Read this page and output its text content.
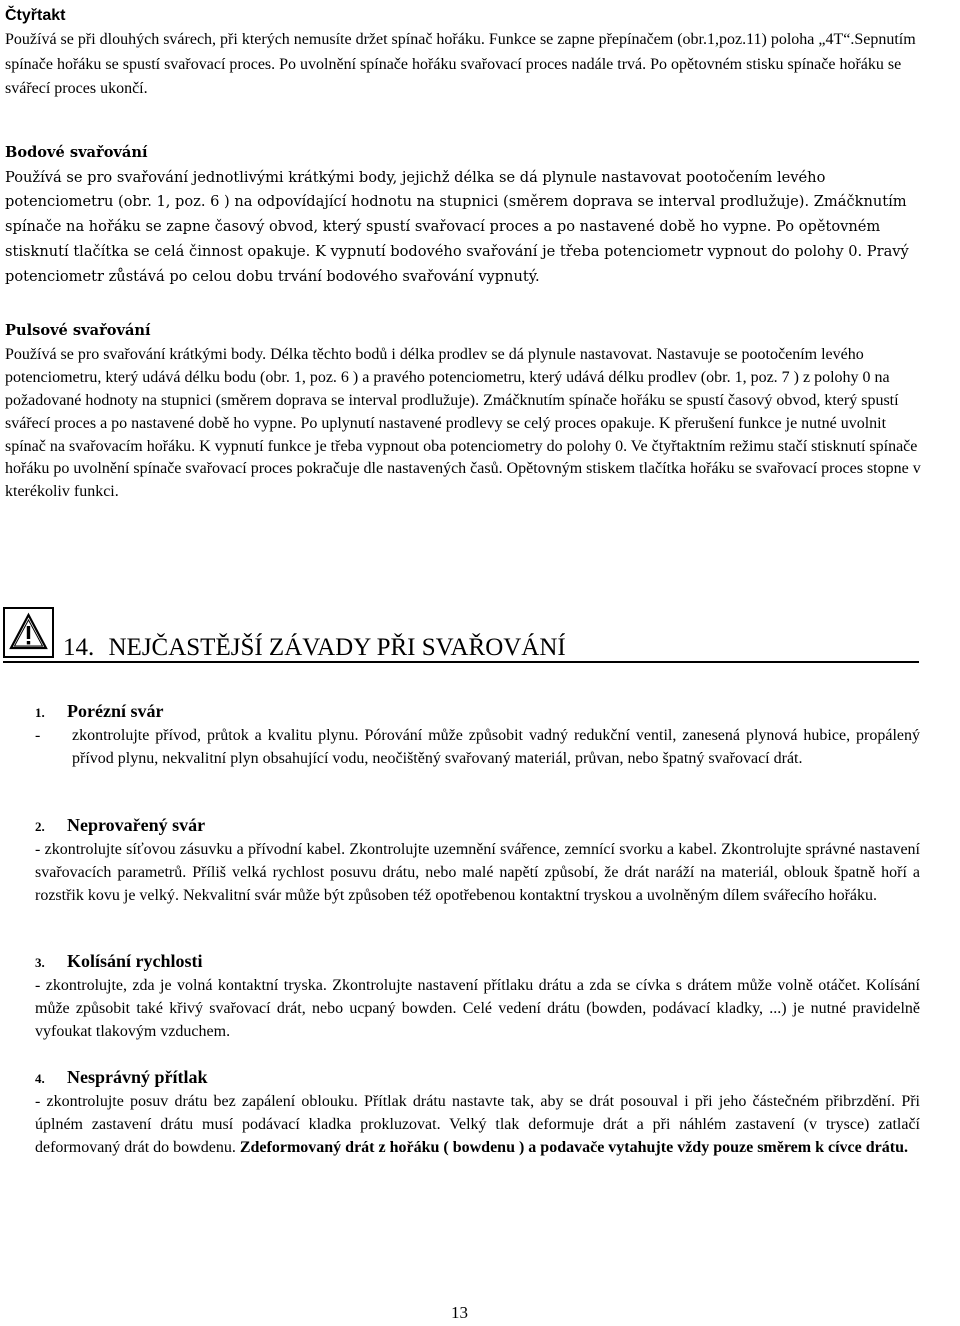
Čtyřtakt

Používá se při dlouhých svárech, při kterých nemusíte držet spínač hořáku. Funkce se zapne přepínačem (obr.1,poz.11) poloha „4T“.Sepnutím spínače hořáku se spustí svařovací proces. Po uvolnění spínače hořáku svařovací proces nadále trvá. Po opětovném stisku spínače hořáku se svářecí proces ukončí.

Bodové svařování

Používá se pro svařování jednotlivými krátkými body, jejichž délka se dá plynule nastavovat pootočením levého potenciometru (obr. 1, poz. 6 ) na odpovídající hodnotu na stupnici (směrem doprava se interval prodlužuje). Zmáčknutím spínače na hořáku se zapne časový obvod, který spustí svařovací proces a po nastavené době ho vypne. Po opětovném stisknutí tlačítka se celá činnost opakuje. K vypnutí bodového svařování je třeba potenciometr vypnout do polohy 0. Pravý potenciometr zůstává po celou dobu trvání bodového svařování vypnutý.

Pulsové svařování

Používá se pro svařování krátkými body. Délka těchto bodů i délka prodlev se dá plynule nastavovat. Nastavuje se pootočením levého potenciometru, který udává délku bodu (obr. 1, poz. 6 ) a pravého potenciometru, který udává délku prodlev (obr. 1, poz. 7 ) z polohy 0 na požadované hodnoty na stupnici (směrem doprava se interval prodlužuje). Zmáčknutím spínače hořáku se spustí časový obvod, který spustí svářecí proces a po nastavené době ho vypne. Po uplynutí nastavené prodlevy se celý proces opakuje. K přerušení funkce je nutné uvolnit spínač na svařovacím hořáku. K vypnutí funkce je třeba vypnout oba potenciometry do polohy 0. Ve čtyřtaktním režimu stačí stisknutí spínače hořáku po uvolnění spínače svařovací proces pokračuje dle nastavených časů. Opětovným stiskem tlačítka hořáku se svařovací proces stopne v kterékoliv funkci.

14. NEJČASTĚJŠÍ ZÁVADY PŘI SVAŘOVÁNÍ
1. Porézní svár
- zkontrolujte přívod, průtok a kvalitu plynu. Pórování může způsobit vadný redukční ventil, zanesená plynová hubice, propálený přívod plynu, nekvalitní plyn obsahující vodu, neočištěný svařovaný materiál, průvan, nebo špatný svařovací drát.
2. Neprovařený svár

- zkontrolujte síťovou zásuvku a přívodní kabel. Zkontrolujte uzemnění svářence, zemnící svorku a kabel. Zkontrolujte správné nastavení svařovacích parametrů. Příliš velká rychlost posuvu drátu, nebo malé napětí způsobí, že drát naráží na materiál, oblouk špatně hoří a rozstřik kovu je velký. Nekvalitní svár může být způsoben též opotřebenou kontaktní tryskou a uvolněným dílem svářecího hořáku.

3. Kolísání rychlosti

- zkontrolujte, zda je volná kontaktní tryska. Zkontrolujte nastavení přítlaku drátu a zda se cívka s drátem může volně otáčet. Kolísání může způsobit také křivý svařovací drát, nebo ucpaný bowden. Celé vedení drátu (bowden, podávací kladky, ...) je nutné pravidelně vyfoukat tlakovým vzduchem.

4. Nesprávný přítlak

- zkontrolujte posuv drátu bez zapálení oblouku. Přítlak drátu nastavte tak, aby se drát posouval i při jeho částečném přibrzdění. Při úplném zastavení drátu musí podávací kladka prokluzovat. Velký tlak deformuje drát a při náhlém zastavení (v trysce) zatlačí deformovaný drát do bowdenu. Zdeformovaný drát z hořáku ( bowdenu ) a podavače vytahujte vždy pouze směrem k cívce drátu.

13
